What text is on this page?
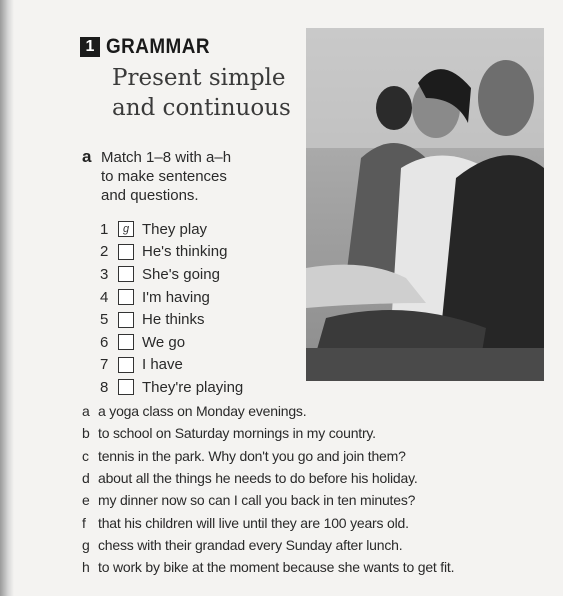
1 GRAMMAR
Present simple
and continuous
a Match 1–8 with a–h
to make sentences
and questions.
1	g They play
2	He's thinking
3	She's going
4	I'm having
5	He thinks
6	We go
7	I have
8	They're playing
a a yoga class on Monday evenings.
b to school on Saturday mornings in my country.
c tennis in the park. Why don't you go and join them?
d about all the things he needs to do before his holiday.
e my dinner now so can I call you back in ten minutes?
f that his children will live until they are 100 years old.
g chess with their grandad every Sunday after lunch.
h to work by bike at the moment because she wants to get fit.
